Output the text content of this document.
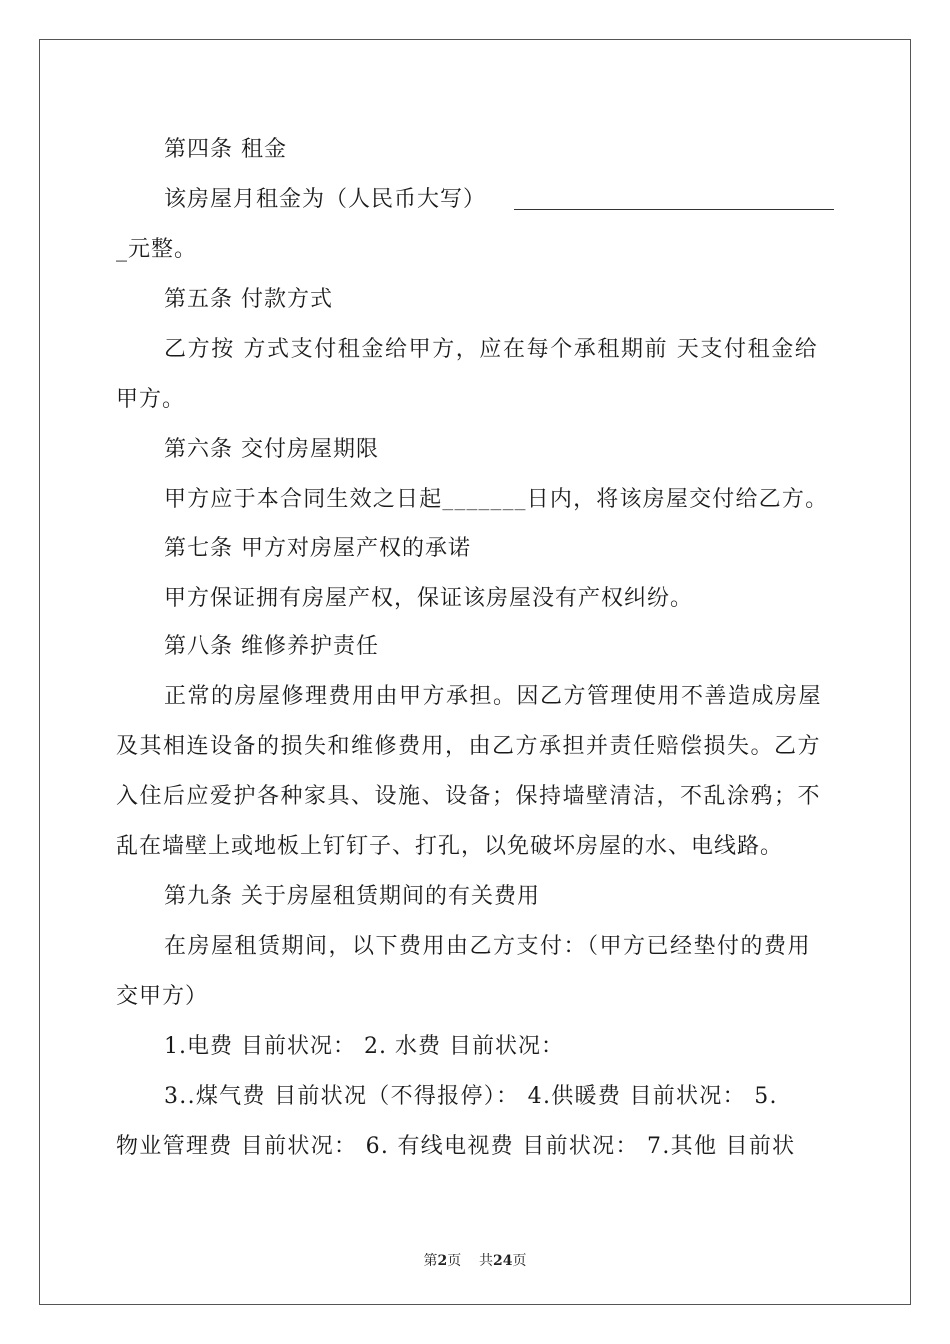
第四条 租金
该房屋月租金为（人民币大写）
_元整。
第五条 付款方式
乙方按 方式支付租金给甲方，应在每个承租期前 天支付租金给
甲方。
第六条 交付房屋期限
甲方应于本合同生效之日起_______日内，将该房屋交付给乙方。
第七条 甲方对房屋产权的承诺
甲方保证拥有房屋产权，保证该房屋没有产权纠纷。
第八条 维修养护责任
正常的房屋修理费用由甲方承担。因乙方管理使用不善造成房屋
及其相连设备的损失和维修费用，由乙方承担并责任赔偿损失。乙方
入住后应爱护各种家具、设施、设备；保持墙壁清洁，不乱涂鸦；不
乱在墙壁上或地板上钉钉子、打孔，以免破坏房屋的水、电线路。
第九条 关于房屋租赁期间的有关费用
在房屋租赁期间，以下费用由乙方支付：（甲方已经垫付的费用
交甲方）
1.电费 目前状况： 2. 水费 目前状况：
3..煤气费 目前状况（不得报停）： 4.供暖费 目前状况： 5.
物业管理费 目前状况： 6. 有线电视费 目前状况： 7.其他 目前状
第2页 共24页
